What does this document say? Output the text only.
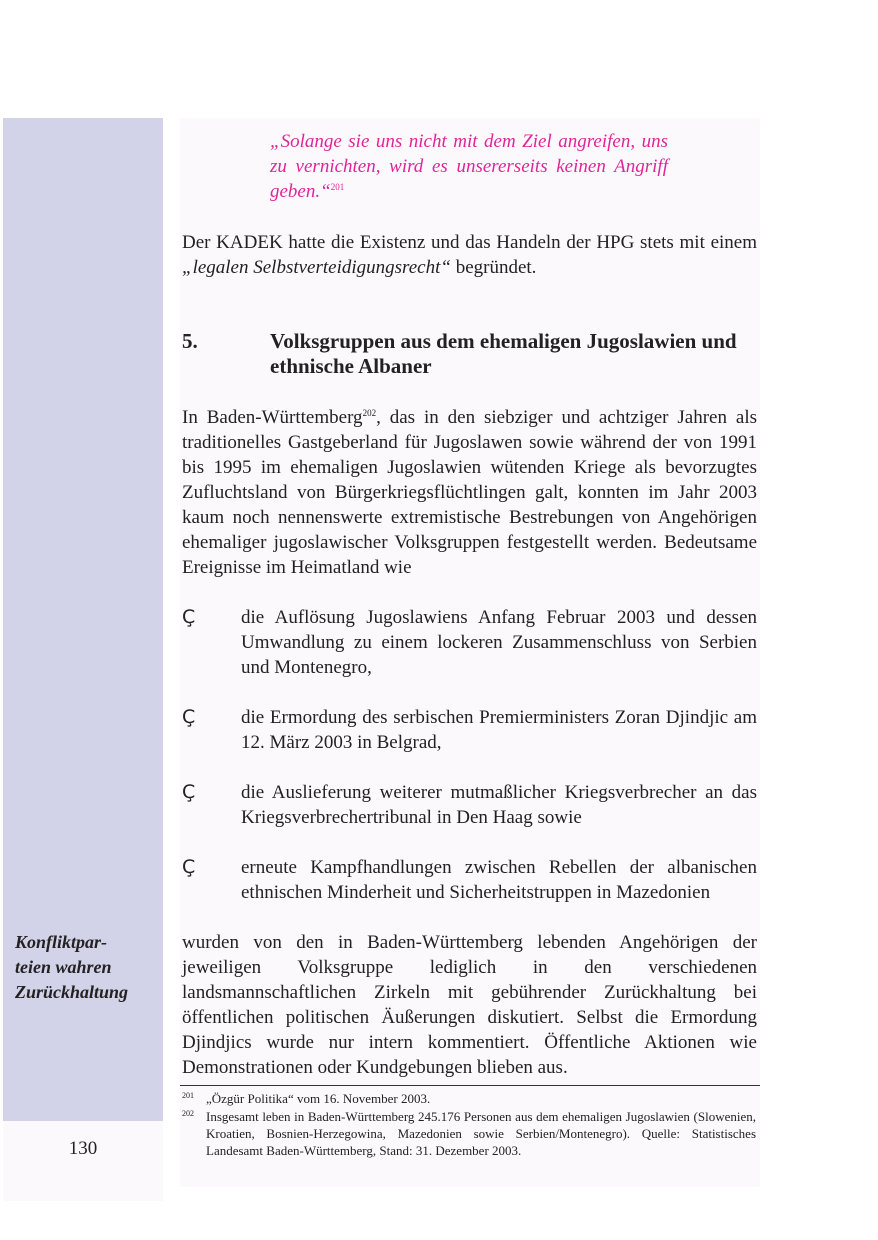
Konfliktpar-
teien wahren
Zurückhaltung
130
„Solange sie uns nicht mit dem Ziel angreifen, uns zu vernichten, wird es unsererseits keinen Angriff geben.“$^{201}$
Der KADEK hatte die Existenz und das Handeln der HPG stets mit einem „legalen Selbstverteidigungsrecht“ begründet.
5.	Volksgruppen aus dem ehemaligen Jugoslawien und ethnische Albaner
In Baden-Württemberg$^{202}$, das in den siebziger und achtziger Jahren als traditionelles Gastgeberland für Jugoslawen sowie während der von 1991 bis 1995 im ehemaligen Jugoslawien wütenden Kriege als bevorzugtes Zufluchtsland von Bürgerkriegsflüchtlingen galt, konnten im Jahr 2003 kaum noch nennenswerte extremistische Bestrebungen von Angehörigen ehemaliger jugoslawischer Volksgruppen festgestellt werden. Bedeutsame Ereignisse im Heimatland wie
Ç die Auflösung Jugoslawiens Anfang Februar 2003 und dessen Umwandlung zu einem lockeren Zusammenschluss von Serbien und Montenegro,
Ç die Ermordung des serbischen Premierministers Zoran Djindjic am 12. März 2003 in Belgrad,
Ç die Auslieferung weiterer mutmaßlicher Kriegsverbrecher an das Kriegsverbrechertribunal in Den Haag sowie
Ç erneute Kampfhandlungen zwischen Rebellen der albanischen ethnischen Minderheit und Sicherheitstruppen in Mazedonien
wurden von den in Baden-Württemberg lebenden Angehörigen der jeweiligen Volksgruppe lediglich in den verschiedenen landsmannschaftlichen Zirkeln mit gebührender Zurückhaltung bei öffentlichen politischen Äußerungen diskutiert. Selbst die Ermordung Djindjics wurde nur intern kommentiert. Öffentliche Aktionen wie Demonstrationen oder Kundgebungen blieben aus.
201 „Özgür Politika“ vom 16. November 2003.
202 Insgesamt leben in Baden-Württemberg 245.176 Personen aus dem ehemaligen Jugoslawien (Slowenien, Kroatien, Bosnien-Herzegowina, Mazedonien sowie Serbien/Montenegro). Quelle: Statistisches Landesamt Baden-Württemberg, Stand: 31. Dezember 2003.
